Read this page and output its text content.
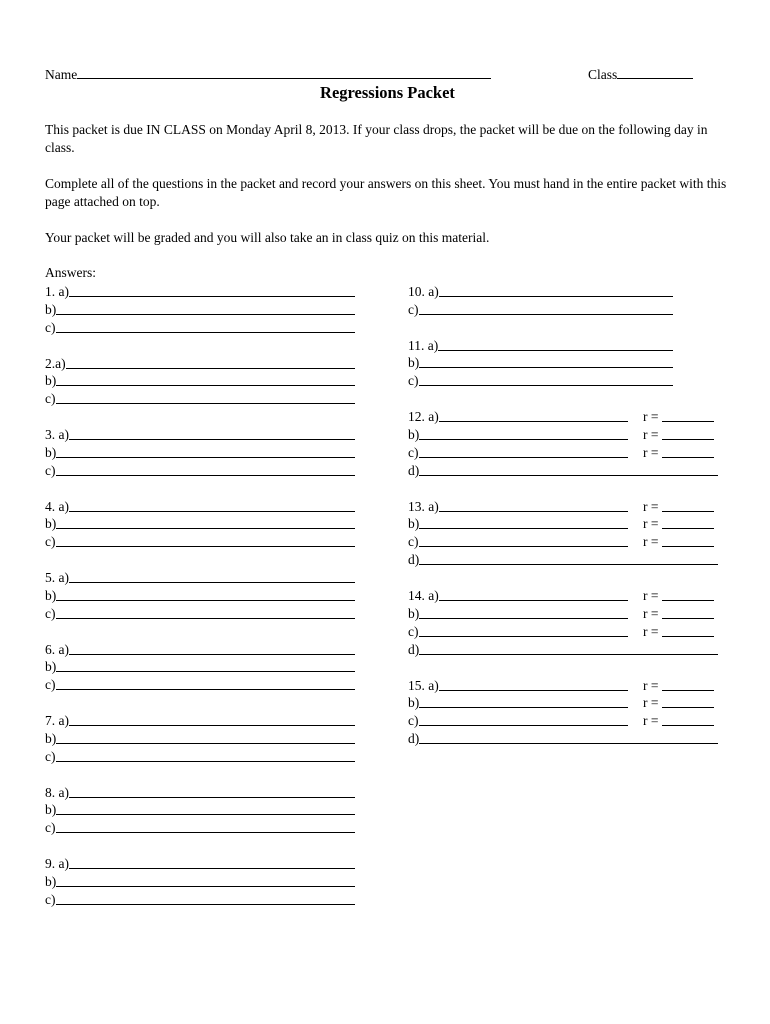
Name	Class
Regressions Packet
This packet is due IN CLASS on Monday April 8, 2013. If your class drops, the packet will be due on the following day in class.
Complete all of the questions in the packet and record your answers on this sheet. You must hand in the entire packet with this page attached on top.
Your packet will be graded and you will also take an in class quiz on this material.
Answers:
1. a)
b)
c)
2.a)
b)
c)
3. a)
b)
c)
4. a)
b)
c)
5. a)
b)
c)
6. a)
b)
c)
7. a)
b)
c)
8. a)
b)
c)
9. a)
b)
c)
10. a)
c)
11. a)
b)
c)
12. a)	r =
b)	r =
c)	r =
d)
13. a)	r =
b)	r =
c)	r =
d)
14. a)	r =
b)	r =
c)	r =
d)
15. a)	r =
b)	r =
c)	r =
d)
